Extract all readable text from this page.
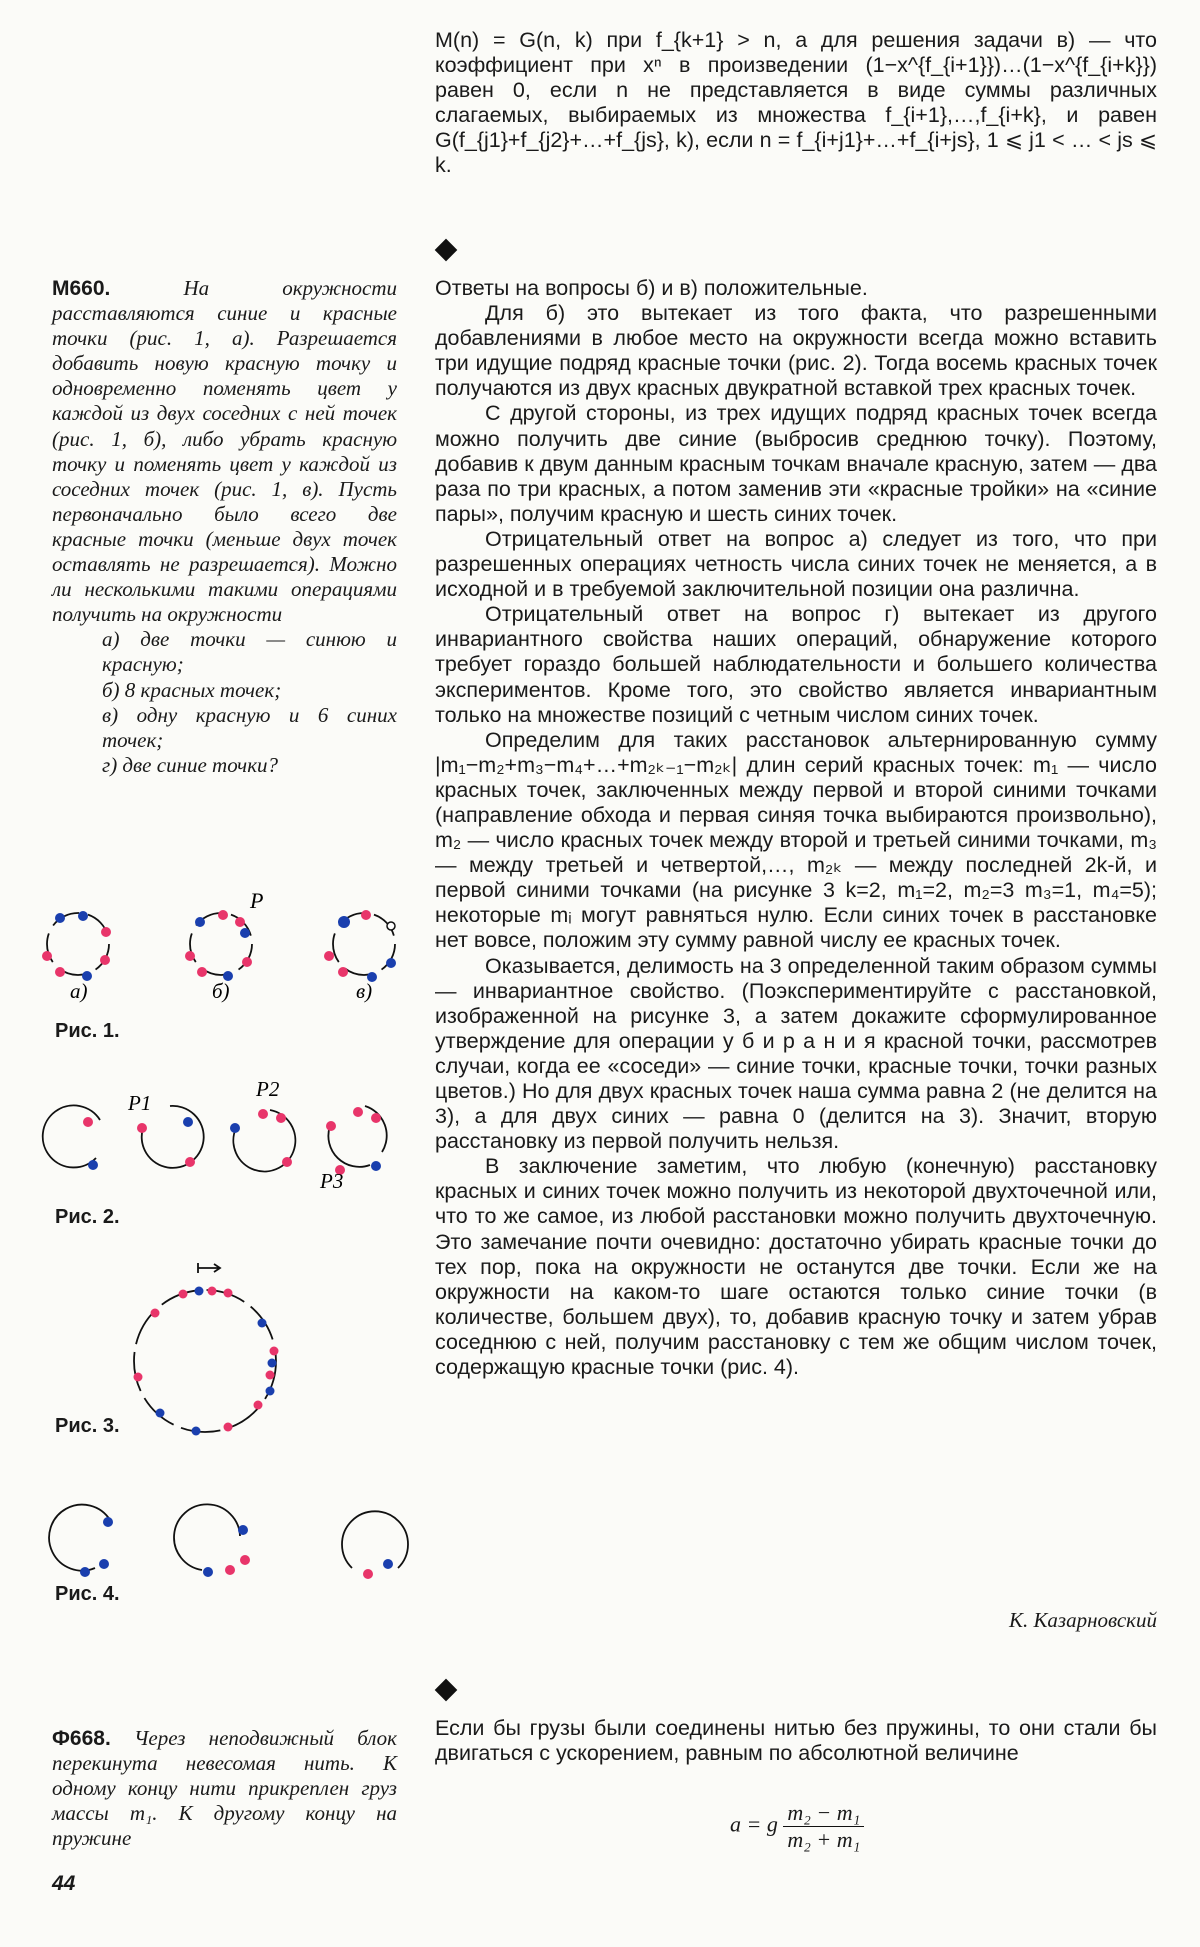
M(n) = G(n, k) при f_{k+1} > n, а для решения задачи в) — что коэффициент при xⁿ в произведении (1−x^{f_{i+1}})…(1−x^{f_{i+k}}) равен 0, если n не представляется в виде суммы различных слагаемых, выбираемых из множества f_{i+1},…,f_{i+k}, и равен G(f_{j1}+f_{j2}+…+f_{js}, k), если n = f_{i+j1}+…+f_{i+js}, 1 ⩽ j1 < … < js ⩽ k.

M660.	На окружности расставляются синие и красные точки (рис. 1, а). Разрешается добавить новую красную точку и одновременно поменять цвет у каждой из двух соседних с ней точек (рис. 1, б), либо убрать красную точку и поменять цвет у каждой из соседних точек (рис. 1, в). Пусть первоначально было всего две красные точки (меньше двух точек оставлять не разрешается). Можно ли несколькими такими операциями получить на окружности

а) две точки — синюю и красную;

б) 8 красных точек;

в) одну красную и 6 синих точек;

г) две синие точки?

а)	б)	в)
P
Рис. 1.
P1
P2
P3
Рис. 2.
Рис. 3.
Рис. 4.

Ответы на вопросы б) и в) положительные.

Для б) это вытекает из того факта, что разрешенными добавлениями в любое место на окружности всегда можно вставить три идущие подряд красные точки (рис. 2). Тогда восемь красных точек получаются из двух красных двукратной вставкой трех красных точек.

С другой стороны, из трех идущих подряд красных точек всегда можно получить две синие (выбросив среднюю точку). Поэтому, добавив к двум данным красным точкам вначале красную, затем — два раза по три красных, а потом заменив эти «красные тройки» на «синие пары», получим красную и шесть синих точек.

Отрицательный ответ на вопрос а) следует из того, что при разрешенных операциях четность числа синих точек не меняется, а в исходной и в требуемой заключительной позиции она различна.

Отрицательный ответ на вопрос г) вытекает из другого инвариантного свойства наших операций, обнаружение которого требует гораздо большей наблюдательности и большего количества экспериментов. Кроме того, это свойство является инвариантным только на множестве позиций с четным числом синих точек.

Определим для таких расстановок альтернированную сумму |m₁−m₂+m₃−m₄+…+m₂ₖ₋₁−m₂ₖ| длин серий красных точек: m₁ — число красных точек, заключенных между первой и второй синими точками (направление обхода и первая синяя точка выбираются произвольно), m₂ — число красных точек между второй и третьей синими точками, m₃ — между третьей и четвертой,…, m₂ₖ — между последней 2k-й, и первой синими точками (на рисунке 3 k=2, m₁=2, m₂=3 m₃=1, m₄=5); некоторые mᵢ могут равняться нулю. Если синих точек в расстановке нет вовсе, положим эту сумму равной числу ее красных точек.

Оказывается, делимость на 3 определенной таким образом суммы — инвариантное свойство. (Поэкспериментируйте с расстановкой, изображенной на рисунке 3, а затем докажите сформулированное утверждение для операции у б и р а н и я красной точки, рассмотрев случаи, когда ее «соседи» — синие точки, красные точки, точки разных цветов.) Но для двух красных точек наша сумма равна 2 (не делится на 3), а для двух синих — равна 0 (делится на 3). Значит, вторую расстановку из первой получить нельзя.

В заключение заметим, что любую (конечную) расстановку красных и синих точек можно получить из некоторой двухточечной или, что то же самое, из любой расстановки можно получить двухточечную. Это замечание почти очевидно: достаточно убирать красные точки до тех пор, пока на окружности не останутся две точки. Если же на окружности на каком-то шаге остаются только синие точки (в количестве, большем двух), то, добавив красную точку и затем убрав соседнюю с ней, получим расстановку с тем же общим числом точек, содержащую красные точки (рис. 4).

К. Казарновский

Ф668. Через неподвижный блок перекинута невесомая нить. К одному концу нити прикреплен груз массы m₁. К другому концу на пружине

Если бы грузы были соединены нитью без пружины, то они стали бы двигаться с ускорением, равным по абсолютной величине

a = g $\frac{\text{m₂ − m₁}}{\text{m₂ + m₁}}$
44
